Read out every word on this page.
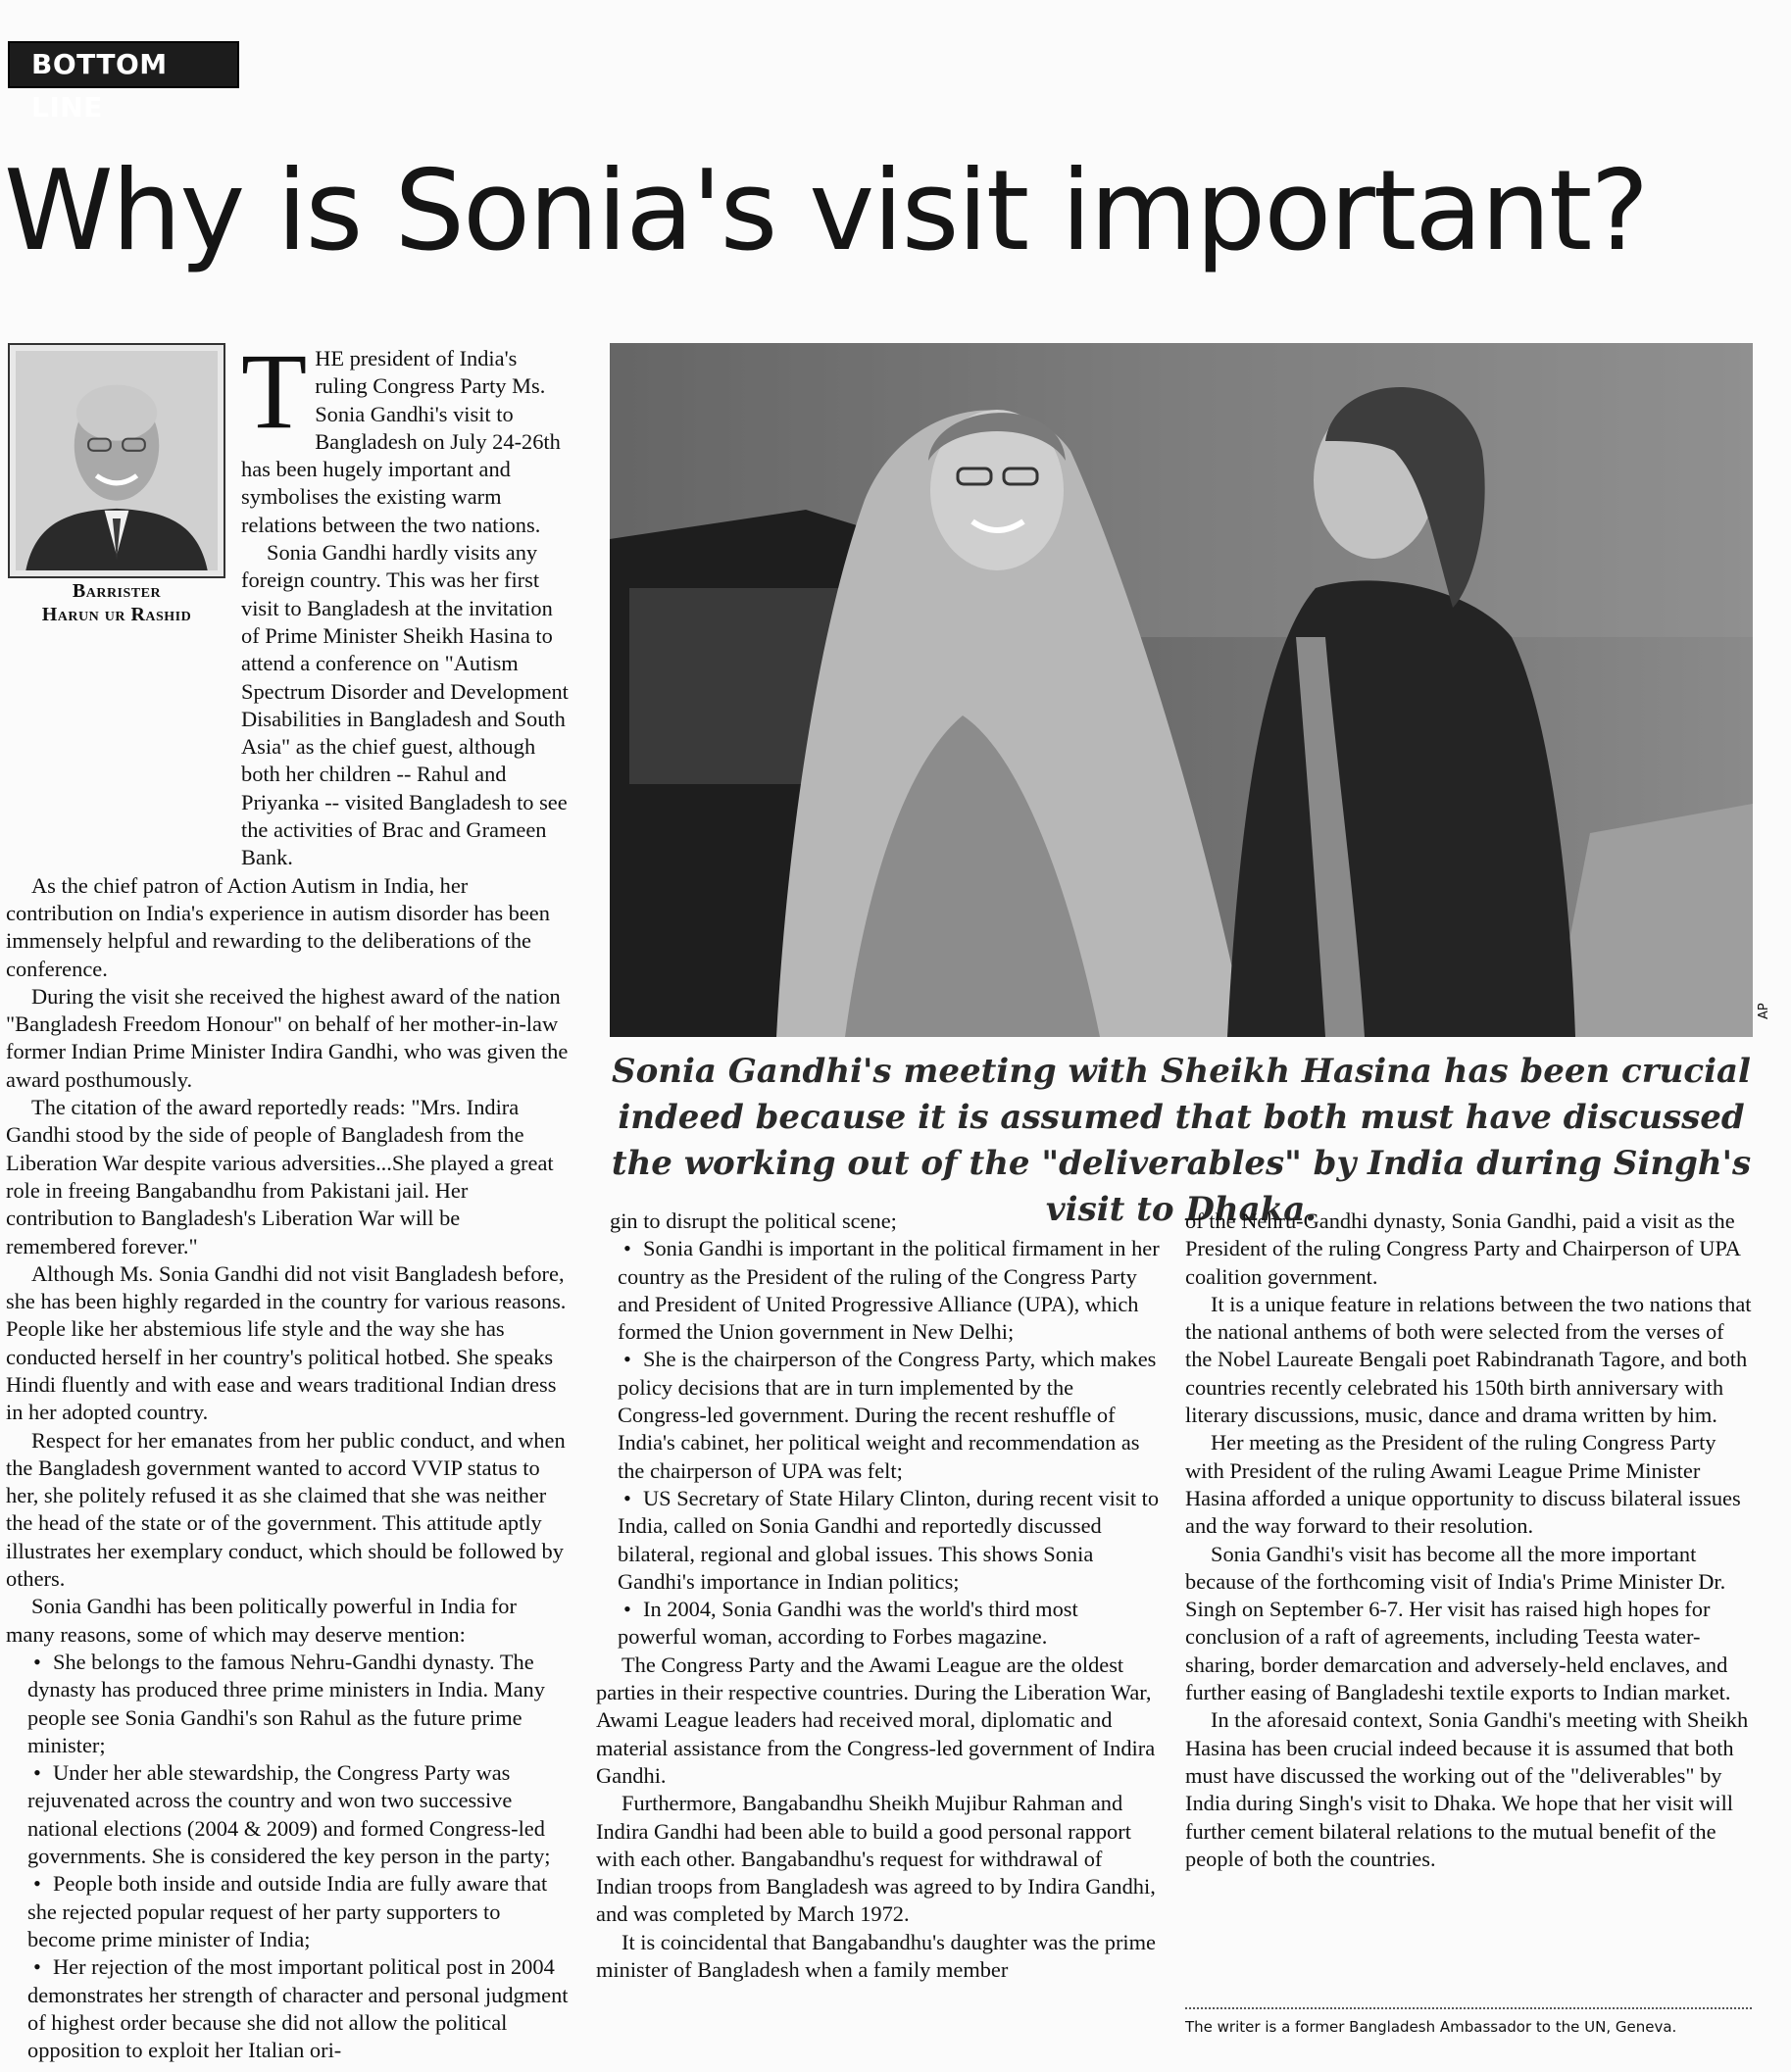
BOTTOM LINE
Why is Sonia's visit important?
Barrister
Harun ur Rashid
AP
Sonia Gandhi's meeting with Sheikh Hasina has been crucial indeed because it is assumed that both must have discussed the working out of the "deliverables" by India during Singh's visit to Dhaka.
T HE president of India's ruling Congress Party Ms. Sonia Gandhi's visit to Bangladesh on July 24-26th has been hugely important and symbolises the existing warm relations between the two nations.

Sonia Gandhi hardly visits any foreign country. This was her first visit to Bangladesh at the invitation of Prime Minister Sheikh Hasina to attend a conference on "Autism Spectrum Disorder and Development Disabilities in Bangladesh and South Asia" as the chief guest, although both her children -- Rahul and Priyanka -- visited Bangladesh to see the activities of Brac and Grameen Bank.

As the chief patron of Action Autism in India, her contribution on India's experience in autism disorder has been immensely helpful and rewarding to the deliberations of the conference.

During the visit she received the highest award of the nation "Bangladesh Freedom Honour" on behalf of her mother-in-law former Indian Prime Minister Indira Gandhi, who was given the award posthumously.

The citation of the award reportedly reads: "Mrs. Indira Gandhi stood by the side of people of Bangladesh from the Liberation War despite various adversities...She played a great role in freeing Bangabandhu from Pakistani jail. Her contribution to Bangladesh's Liberation War will be remembered forever."

Although Ms. Sonia Gandhi did not visit Bangladesh before, she has been highly regarded in the country for various reasons. People like her abstemious life style and the way she has conducted herself in her country's political hotbed. She speaks Hindi fluently and with ease and wears traditional Indian dress in her adopted country.

Respect for her emanates from her public conduct, and when the Bangladesh government wanted to accord VVIP status to her, she politely refused it as she claimed that she was neither the head of the state or of the government. This attitude aptly illustrates her exemplary conduct, which should be followed by others.

Sonia Gandhi has been politically powerful in India for many reasons, some of which may deserve mention:

• She belongs to the famous Nehru-Gandhi dynasty. The dynasty has produced three prime ministers in India. Many people see Sonia Gandhi's son Rahul as the future prime minister;

• Under her able stewardship, the Congress Party was rejuvenated across the country and won two successive national elections (2004 & 2009) and formed Congress-led governments. She is considered the key person in the party;

• People both inside and outside India are fully aware that she rejected popular request of her party supporters to become prime minister of India;

• Her rejection of the most important political post in 2004 demonstrates her strength of character and personal judgment of highest order because she did not allow the political opposition to exploit her Italian ori-

gin to disrupt the political scene;

• Sonia Gandhi is important in the political firmament in her country as the President of the ruling of the Congress Party and President of United Progressive Alliance (UPA), which formed the Union government in New Delhi;

• She is the chairperson of the Congress Party, which makes policy decisions that are in turn implemented by the Congress-led government. During the recent reshuffle of India's cabinet, her political weight and recommendation as the chairperson of UPA was felt;

• US Secretary of State Hilary Clinton, during recent visit to India, called on Sonia Gandhi and reportedly discussed bilateral, regional and global issues. This shows Sonia Gandhi's importance in Indian politics;

• In 2004, Sonia Gandhi was the world's third most powerful woman, according to Forbes magazine.

The Congress Party and the Awami League are the oldest parties in their respective countries. During the Liberation War, Awami League leaders had received moral, diplomatic and material assistance from the Congress-led government of Indira Gandhi.

Furthermore, Bangabandhu Sheikh Mujibur Rahman and Indira Gandhi had been able to build a good personal rapport with each other. Bangabandhu's request for withdrawal of Indian troops from Bangladesh was agreed to by Indira Gandhi, and was completed by March 1972.

It is coincidental that Bangabandhu's daughter was the prime minister of Bangladesh when a family member

of the Nehru-Gandhi dynasty, Sonia Gandhi, paid a visit as the President of the ruling Congress Party and Chairperson of UPA coalition government.

It is a unique feature in relations between the two nations that the national anthems of both were selected from the verses of the Nobel Laureate Bengali poet Rabindranath Tagore, and both countries recently celebrated his 150th birth anniversary with literary discussions, music, dance and drama written by him.

Her meeting as the President of the ruling Congress Party with President of the ruling Awami League Prime Minister Hasina afforded a unique opportunity to discuss bilateral issues and the way forward to their resolution.

Sonia Gandhi's visit has become all the more important because of the forthcoming visit of India's Prime Minister Dr. Singh on September 6-7. Her visit has raised high hopes for conclusion of a raft of agreements, including Teesta water-sharing, border demarcation and adversely-held enclaves, and further easing of Bangladeshi textile exports to Indian market.

In the aforesaid context, Sonia Gandhi's meeting with Sheikh Hasina has been crucial indeed because it is assumed that both must have discussed the working out of the "deliverables" by India during Singh's visit to Dhaka. We hope that her visit will further cement bilateral relations to the mutual benefit of the people of both the countries.

The writer is a former Bangladesh Ambassador to the UN, Geneva.
